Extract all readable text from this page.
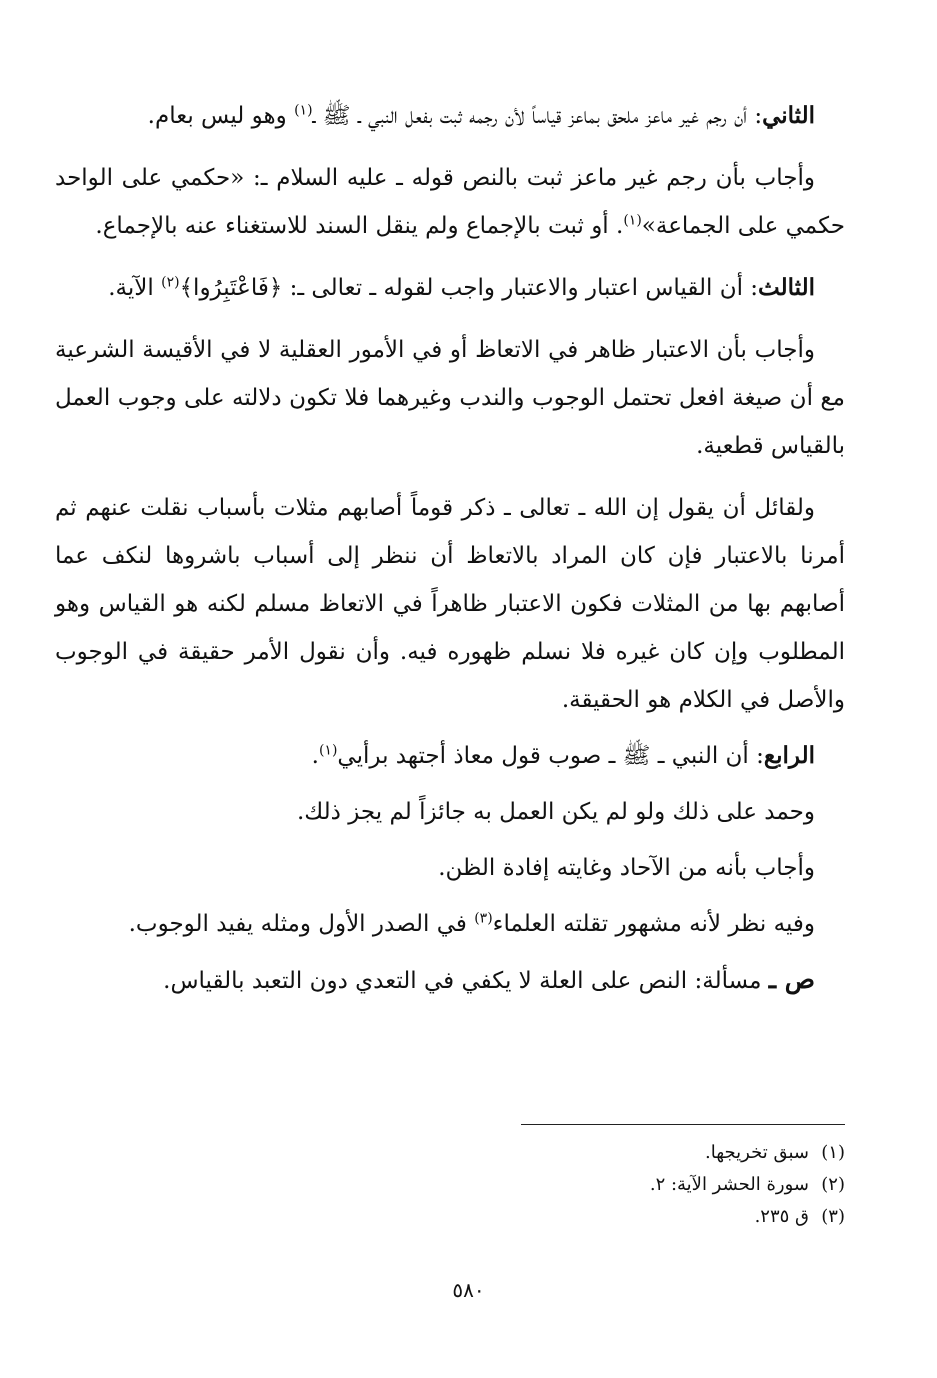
الثاني: أن رجم غير ماعز ملحق بماعز قياساً لأن رجمه ثبت بفعل النبي ـ ﷺ ـ$^{(١)}$ وهو ليس بعام.

وأجاب بأن رجم غير ماعز ثبت بالنص قوله ـ عليه السلام ـ: «حكمي على الواحد حكمي على الجماعة»$^{(١)}$. أو ثبت بالإجماع ولم ينقل السند للاستغناء عنه بالإجماع.

الثالث: أن القياس اعتبار والاعتبار واجب لقوله ـ تعالى ـ: ﴿فَاعْتَبِرُوا﴾$^{(٢)}$ الآية.

وأجاب بأن الاعتبار ظاهر في الاتعاظ أو في الأمور العقلية لا في الأقيسة الشرعية مع أن صيغة افعل تحتمل الوجوب والندب وغيرهما فلا تكون دلالته على وجوب العمل بالقياس قطعية.

ولقائل أن يقول إن الله ـ تعالى ـ ذكر قوماً أصابهم مثلات بأسباب نقلت عنهم ثم أمرنا بالاعتبار فإن كان المراد بالاتعاظ أن ننظر إلى أسباب باشروها لنكف عما أصابهم بها من المثلات فكون الاعتبار ظاهراً في الاتعاظ مسلم لكنه هو القياس وهو المطلوب وإن كان غيره فلا نسلم ظهوره فيه. وأن نقول الأمر حقيقة في الوجوب والأصل في الكلام هو الحقيقة.

الرابع: أن النبي ـ ﷺ ـ صوب قول معاذ أجتهد برأيي$^{(١)}$.

وحمد على ذلك ولو لم يكن العمل به جائزاً لم يجز ذلك.

وأجاب بأنه من الآحاد وغايته إفادة الظن.

وفيه نظر لأنه مشهور تقلته العلماء$^{(٣)}$ في الصدر الأول ومثله يفيد الوجوب.

ص ـ مسألة: النص على العلة لا يكفي في التعدي دون التعبد بالقياس.

(١)سبق تخريجها.

(٢)سورة الحشر الآية: ٢.

(٣)ق ٢٣٥.

٥٨٠
